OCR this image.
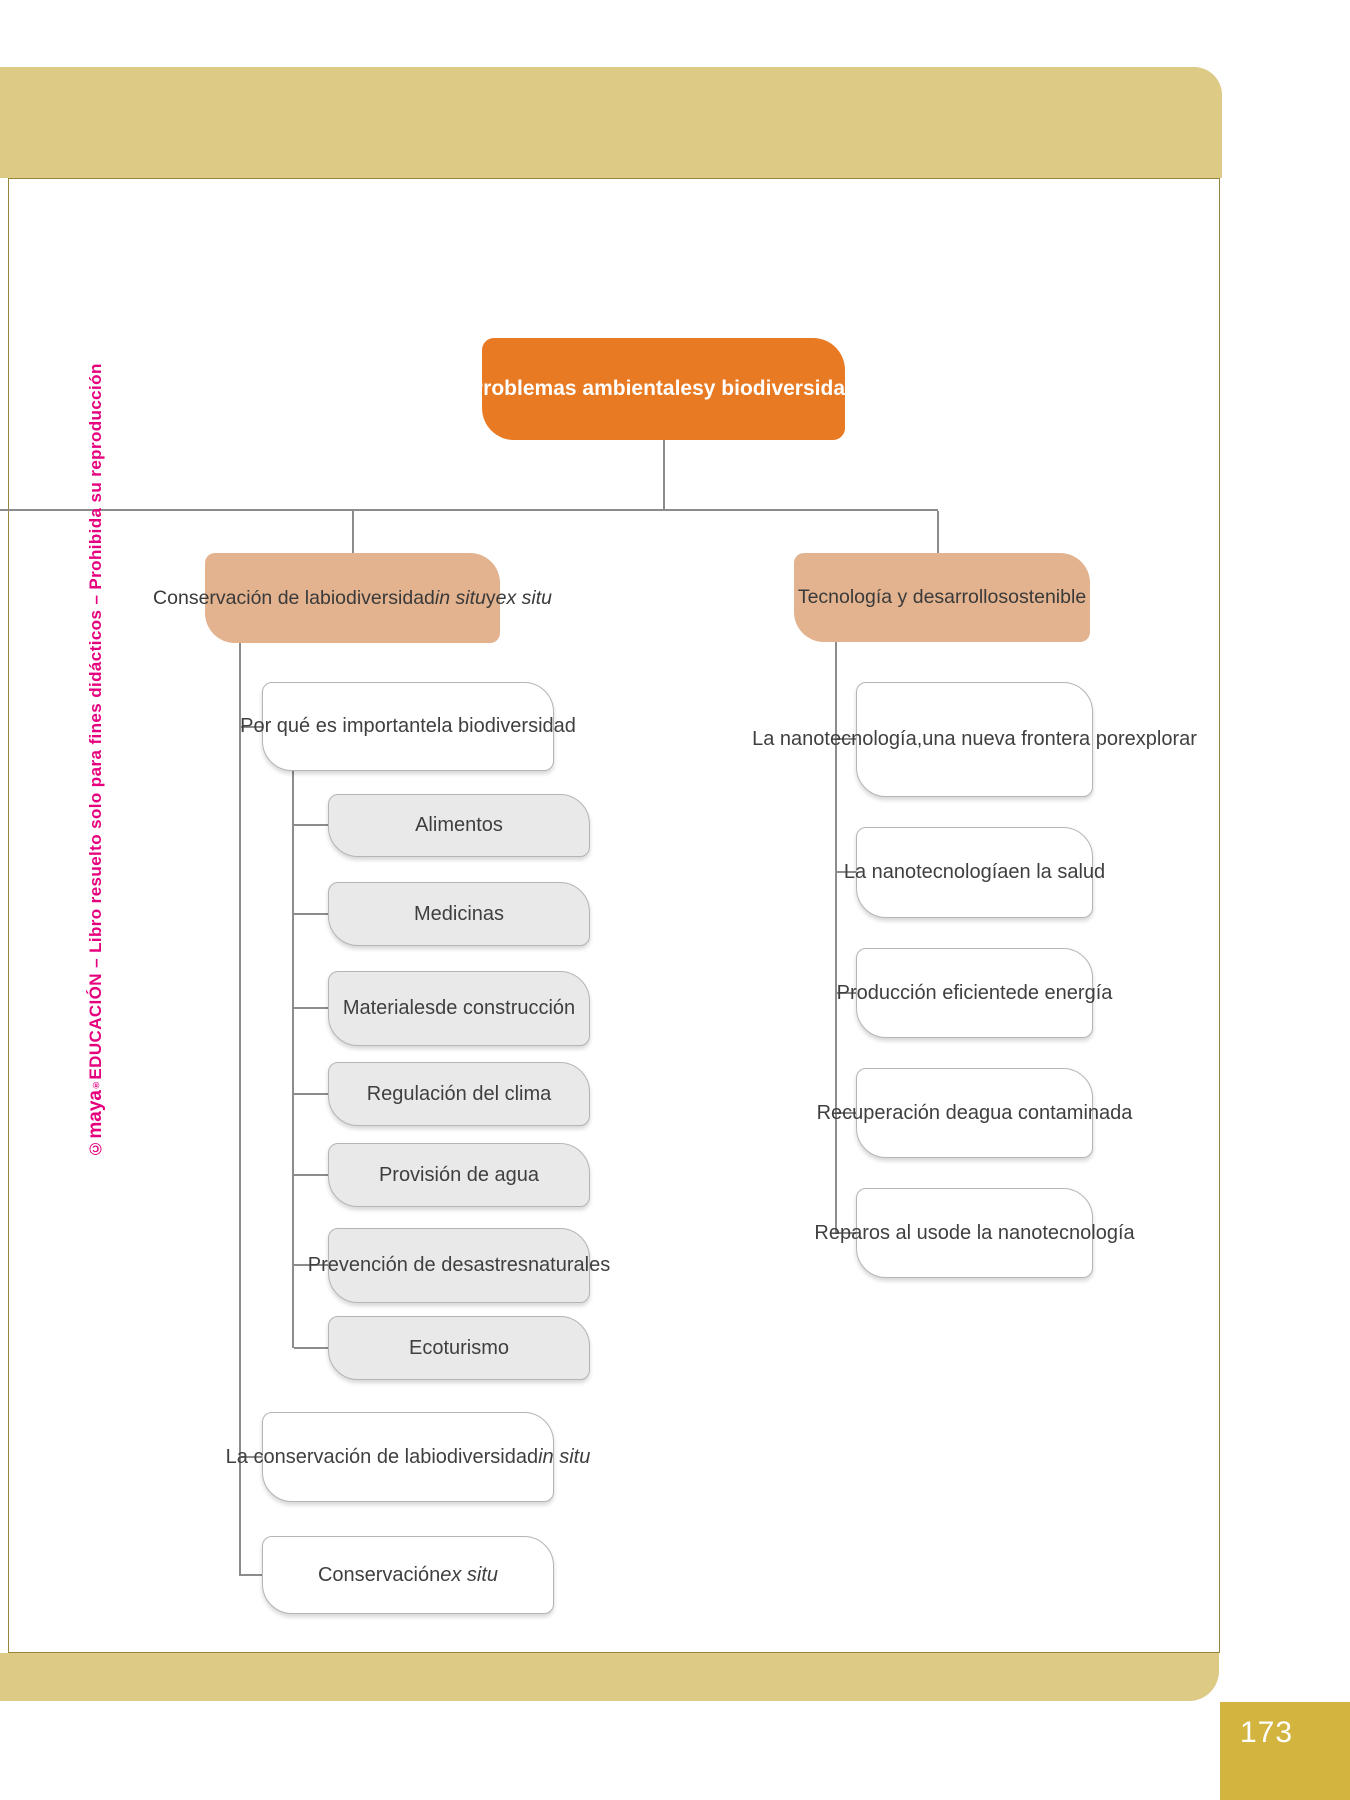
Problemas ambientales y biodiversidad
Conservación de la biodiversidad in situ y ex situ	Tecnología y desarrollo sostenible
Por qué es importante la biodiversidad
Alimentos
Medicinas
Materiales de construcción
Regulación del clima
Provisión de agua
Prevención de desastres naturales
Ecoturismo
La conservación de la biodiversidad in situ
Conservación ex situ
La nanotecnología, una nueva frontera por explorar
La nanotecnología en la salud
Producción eficiente de energía
Recuperación de agua contaminada
Reparos al uso de la nanotecnología
©maya®EDUCACIÓN – Libro resuelto solo para fines didácticos – Prohibida su reproducción
173
